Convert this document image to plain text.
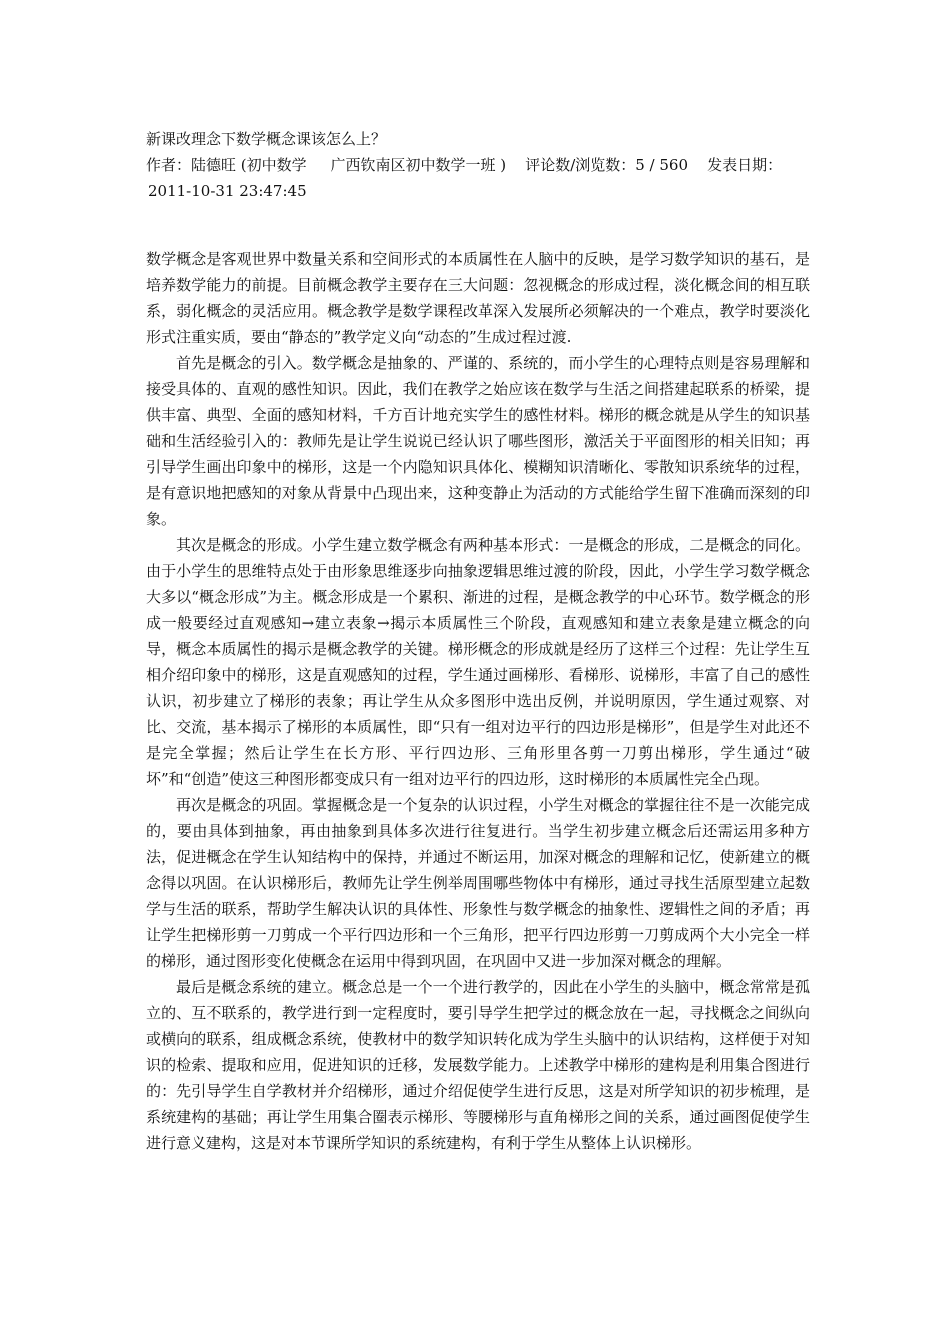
新课改理念下数学概念课该怎么上？
作者：陆德旺 (初中数学 广西钦南区初中数学一班 ) 评论数/浏览数：5 / 560 发表日期：
2011-10-31 23:47:45

数学概念是客观世界中数量关系和空间形式的本质属性在人脑中的反映，是学习数学知识的基石，是培养数学能力的前提。目前概念教学主要存在三大问题：忽视概念的形成过程，淡化概念间的相互联系，弱化概念的灵活应用。概念教学是数学课程改革深入发展所必须解决的一个难点，教学时要淡化形式注重实质，要由“静态的”教学定义向“动态的”生成过程过渡.

首先是概念的引入。数学概念是抽象的、严谨的、系统的，而小学生的心理特点则是容易理解和接受具体的、直观的感性知识。因此，我们在教学之始应该在数学与生活之间搭建起联系的桥梁，提供丰富、典型、全面的感知材料，千方百计地充实学生的感性材料。梯形的概念就是从学生的知识基础和生活经验引入的：教师先是让学生说说已经认识了哪些图形，激活关于平面图形的相关旧知；再引导学生画出印象中的梯形，这是一个内隐知识具体化、模糊知识清晰化、零散知识系统华的过程，是有意识地把感知的对象从背景中凸现出来，这种变静止为活动的方式能给学生留下准确而深刻的印象。

其次是概念的形成。小学生建立数学概念有两种基本形式：一是概念的形成，二是概念的同化。由于小学生的思维特点处于由形象思维逐步向抽象逻辑思维过渡的阶段，因此，小学生学习数学概念大多以“概念形成”为主。概念形成是一个累积、渐进的过程，是概念教学的中心环节。数学概念的形成一般要经过直观感知→建立表象→揭示本质属性三个阶段，直观感知和建立表象是建立概念的向导，概念本质属性的揭示是概念教学的关键。梯形概念的形成就是经历了这样三个过程：先让学生互相介绍印象中的梯形，这是直观感知的过程，学生通过画梯形、看梯形、说梯形，丰富了自己的感性认识，初步建立了梯形的表象；再让学生从众多图形中选出反例，并说明原因，学生通过观察、对比、交流，基本揭示了梯形的本质属性，即“只有一组对边平行的四边形是梯形”，但是学生对此还不是完全掌握；然后让学生在长方形、平行四边形、三角形里各剪一刀剪出梯形，学生通过“破坏”和“创造”使这三种图形都变成只有一组对边平行的四边形，这时梯形的本质属性完全凸现。

再次是概念的巩固。掌握概念是一个复杂的认识过程，小学生对概念的掌握往往不是一次能完成的，要由具体到抽象，再由抽象到具体多次进行往复进行。当学生初步建立概念后还需运用多种方法，促进概念在学生认知结构中的保持，并通过不断运用，加深对概念的理解和记忆，使新建立的概念得以巩固。在认识梯形后，教师先让学生例举周围哪些物体中有梯形，通过寻找生活原型建立起数学与生活的联系，帮助学生解决认识的具体性、形象性与数学概念的抽象性、逻辑性之间的矛盾；再让学生把梯形剪一刀剪成一个平行四边形和一个三角形，把平行四边形剪一刀剪成两个大小完全一样的梯形，通过图形变化使概念在运用中得到巩固，在巩固中又进一步加深对概念的理解。

最后是概念系统的建立。概念总是一个一个进行教学的，因此在小学生的头脑中，概念常常是孤立的、互不联系的，教学进行到一定程度时，要引导学生把学过的概念放在一起，寻找概念之间纵向或横向的联系，组成概念系统，使教材中的数学知识转化成为学生头脑中的认识结构，这样便于对知识的检索、提取和应用，促进知识的迁移，发展数学能力。上述教学中梯形的建构是利用集合图进行的：先引导学生自学教材并介绍梯形，通过介绍促使学生进行反思，这是对所学知识的初步梳理，是系统建构的基础；再让学生用集合圈表示梯形、等腰梯形与直角梯形之间的关系，通过画图促使学生进行意义建构，这是对本节课所学知识的系统建构，有利于学生从整体上认识梯形。
